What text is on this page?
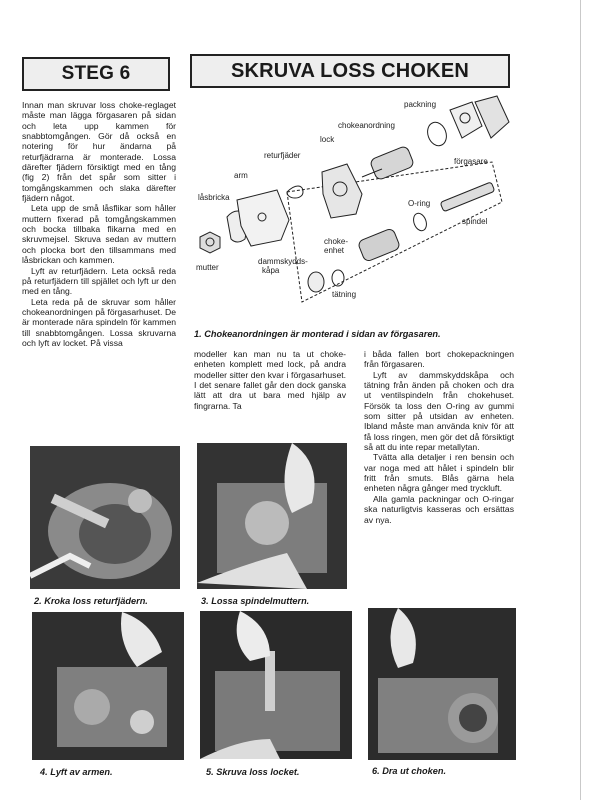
STEG 6	SKRUVA LOSS CHOKEN

Innan man skruvar loss choke-reglaget måste man lägga förgasaren på sidan och leta upp kammen för snabbtomgången. Gör då också en notering för hur ändarna på returfjädrarna är monterade. Lossa därefter fjädern försiktigt med en tång (fig 2) från det spår som sitter i tomgångskammen och slaka därefter fjädern något.

Leta upp de små låsflikar som håller muttern fixerad på tomgångskammen och bocka tillbaka flikarna med en skruvmejsel. Skruva sedan av muttern och plocka bort den tillsammans med låsbrickan och kammen.

Lyft av returfjädern. Leta också reda på returfjädern till spjället och lyft ur den med en tång.

Leta reda på de skruvar som håller chokeanordningen på förgasarhuset. De är monterade nära spindeln för kammen till snabbtomgången. Lossa skruvarna och lyft av locket. På vissa

packning
chokeanordning
lock
returfjäder
arm
låsbricka
förgasare
O-ring
spindel
choke-enhet
dammskydds-kåpa
tätning
mutter
1. Chokeanordningen är monterad i sidan av förgasaren.

modeller kan man nu ta ut choke-enheten komplett med lock, på andra modeller sitter den kvar i förgasarhuset. I det senare fallet går den dock ganska lätt att dra ut bara med hjälp av fingrarna. Ta

i båda fallen bort chokepackningen från förgasaren.

Lyft av dammskyddskåpa och tätning från änden på choken och dra ut ventilspindeln från chokehuset. Försök ta loss den O-ring av gummi som sitter på utsidan av enheten. Ibland måste man använda kniv för att få loss ringen, men gör det då försiktigt så att du inte repar metallytan.

Tvätta alla detaljer i ren bensin och var noga med att hålet i spindeln blir fritt från smuts. Blås gärna hela enheten några gånger med tryckluft.

Alla gamla packningar och O-ringar ska naturligtvis kasseras och ersättas av nya.

2. Kroka loss returfjädern.	3. Lossa spindelmuttern.
4. Lyft av armen.	5. Skruva loss locket.	6. Dra ut choken.
